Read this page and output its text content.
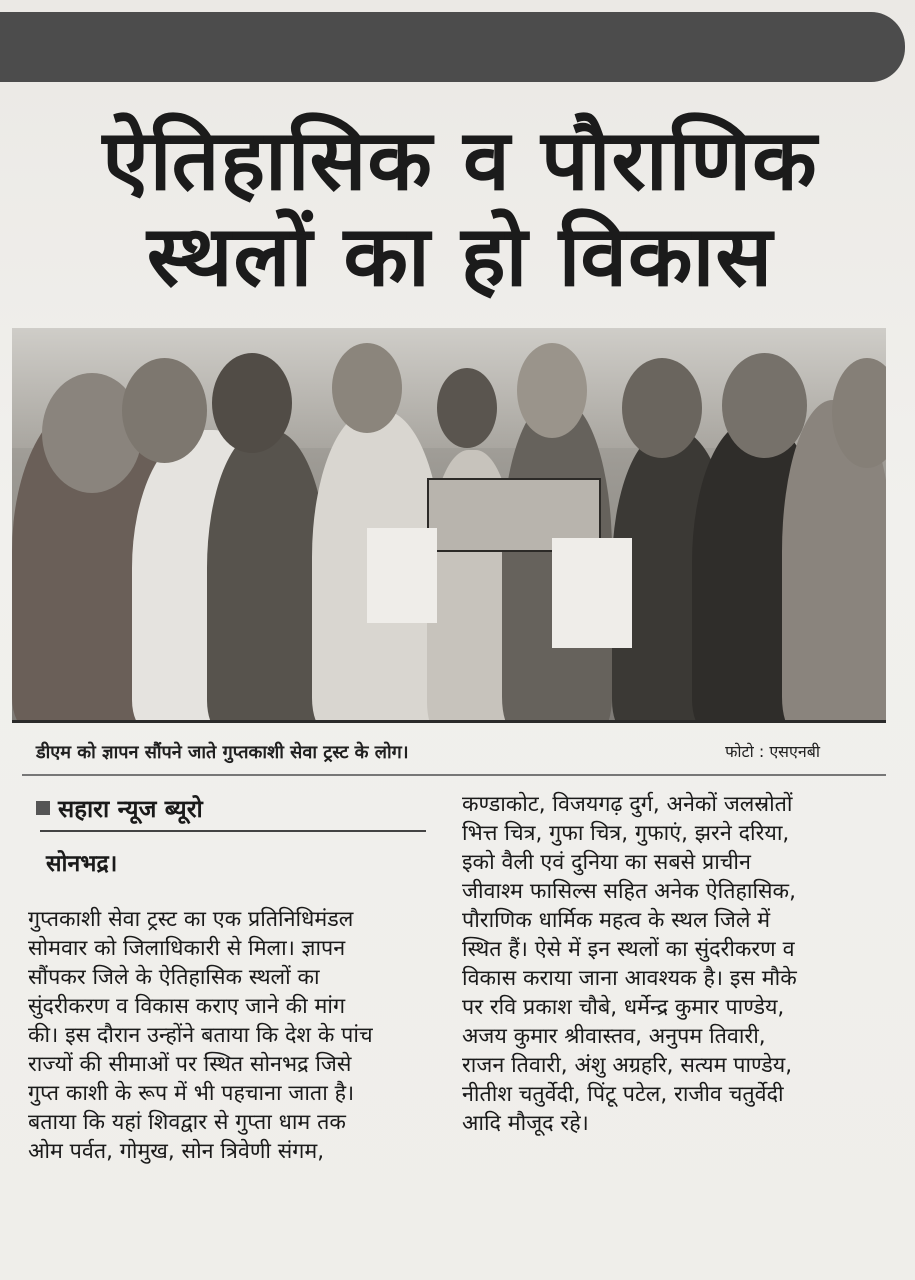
ऐतिहासिक व पौराणिक
स्थलों का हो विकास
डीएम को ज्ञापन सौंपने जाते गुप्तकाशी सेवा ट्रस्ट के लोग।	फोटो : एसएनबी
सहारा न्यूज ब्यूरो
सोनभद्र।
गुप्तकाशी सेवा ट्रस्ट का एक प्रतिनिधिमंडल
सोमवार को जिलाधिकारी से मिला। ज्ञापन
सौंपकर जिले के ऐतिहासिक स्थलों का
सुंदरीकरण व विकास कराए जाने की मांग
की। इस दौरान उन्होंने बताया कि देश के पांच
राज्यों की सीमाओं पर स्थित सोनभद्र जिसे
गुप्त काशी के रूप में भी पहचाना जाता है।
बताया कि यहां शिवद्वार से गुप्ता धाम तक
ओम पर्वत, गोमुख, सोन त्रिवेणी संगम,
कण्डाकोट, विजयगढ़ दुर्ग, अनेकों जलस्रोतों
भित्त चित्र, गुफा चित्र, गुफाएं, झरने दरिया,
इको वैली एवं दुनिया का सबसे प्राचीन
जीवाश्म फासिल्स सहित अनेक ऐतिहासिक,
पौराणिक धार्मिक महत्व के स्थल जिले में
स्थित हैं। ऐसे में इन स्थलों का सुंदरीकरण व
विकास कराया जाना आवश्यक है। इस मौके
पर रवि प्रकाश चौबे, धर्मेन्द्र कुमार पाण्डेय,
अजय कुमार श्रीवास्तव, अनुपम तिवारी,
राजन तिवारी, अंशु अग्रहरि, सत्यम पाण्डेय,
नीतीश चतुर्वेदी, पिंटू पटेल, राजीव चतुर्वेदी
आदि मौजूद रहे।
